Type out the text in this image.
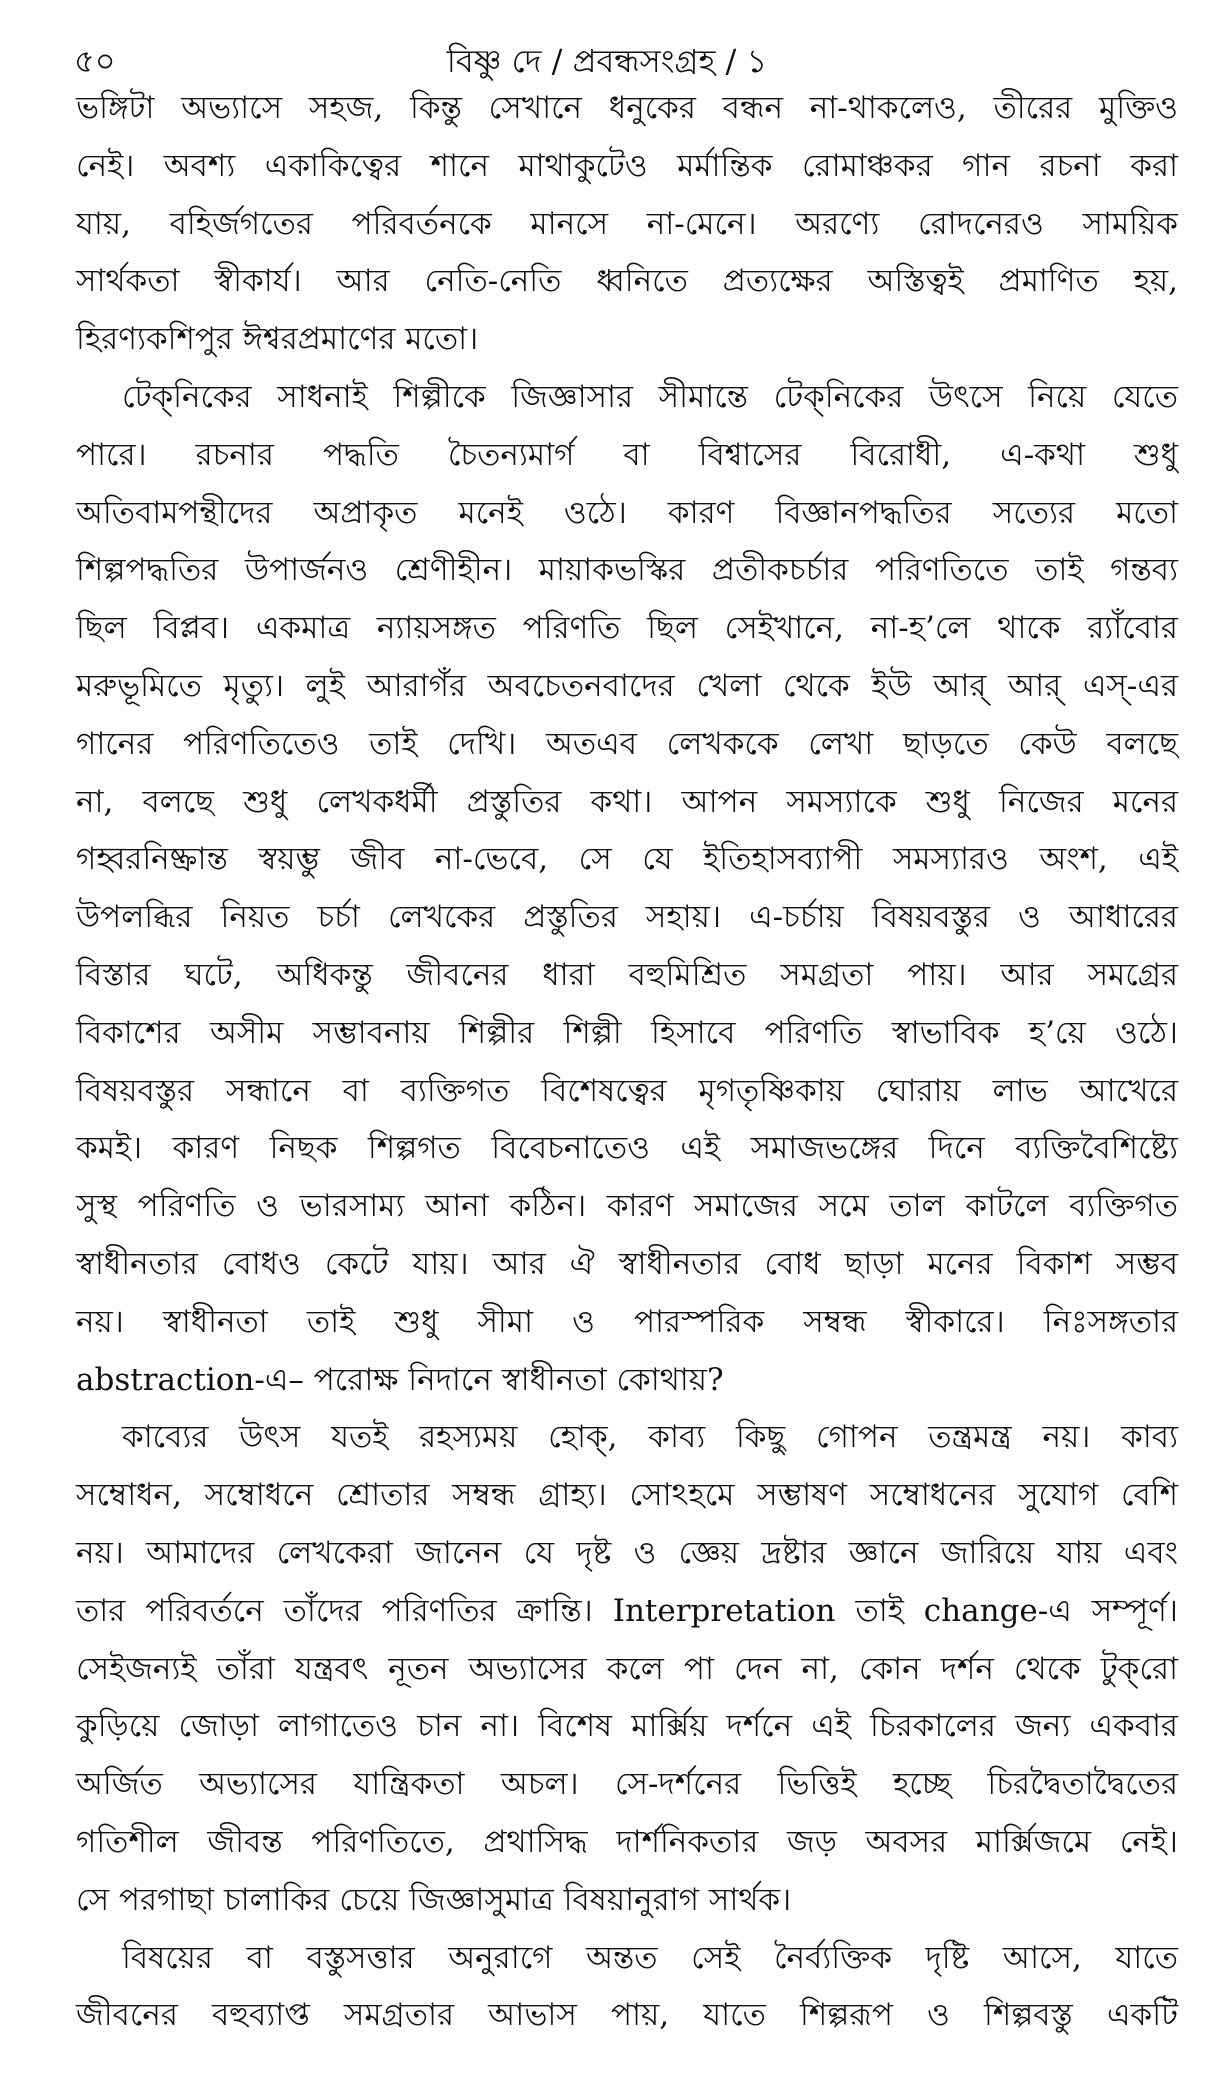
৫০	বিষ্ণু দে / প্রবন্ধসংগ্রহ / ১
ভঙ্গিটা অভ্যাসে সহজ, কিন্তু সেখানে ধনুকের বন্ধন না-থাকলেও, তীরের মুক্তিও
নেই। অবশ্য একাকিত্বের শানে মাথাকুটেও মর্মান্তিক রোমাঞ্চকর গান রচনা করা
যায়, বহির্জগতের পরিবর্তনকে মানসে না-মেনে। অরণ্যে রোদনেরও সাময়িক
সার্থকতা স্বীকার্য। আর নেতি-নেতি ধ্বনিতে প্রত্যক্ষের অস্তিত্বই প্রমাণিত হয়,
হিরণ্যকশিপুর ঈশ্বরপ্রমাণের মতো।
টেক্‌নিকের সাধনাই শিল্পীকে জিজ্ঞাসার সীমান্তে টেক্‌নিকের উৎসে নিয়ে যেতে
পারে। রচনার পদ্ধতি চৈতন্যমার্গ বা বিশ্বাসের বিরোধী, এ-কথা শুধু
অতিবামপন্থীদের অপ্রাকৃত মনেই ওঠে। কারণ বিজ্ঞানপদ্ধতির সত্যের মতো
শিল্পপদ্ধতির উপার্জনও শ্রেণীহীন। মায়াকভস্কির প্রতীকচর্চার পরিণতিতে তাই গন্তব্য
ছিল বিপ্লব। একমাত্র ন্যায়সঙ্গত পরিণতি ছিল সেইখানে, না-হ’লে থাকে র‍্যাঁবোর
মরুভূমিতে মৃত্যু। লুই আরাগঁর অবচেতনবাদের খেলা থেকে ইউ আর্ আর্ এস্-এর
গানের পরিণতিতেও তাই দেখি। অতএব লেখককে লেখা ছাড়তে কেউ বলছে
না, বলছে শুধু লেখকধর্মী প্রস্তুতির কথা। আপন সমস্যাকে শুধু নিজের মনের
গহ্বরনিষ্ক্রান্ত স্বয়ম্ভু জীব না-ভেবে, সে যে ইতিহাসব্যাপী সমস্যারও অংশ, এই
উপলব্ধির নিয়ত চর্চা লেখকের প্রস্তুতির সহায়। এ-চর্চায় বিষয়বস্তুর ও আধারের
বিস্তার ঘটে, অধিকন্তু জীবনের ধারা বহুমিশ্রিত সমগ্রতা পায়। আর সমগ্রের
বিকাশের অসীম সম্ভাবনায় শিল্পীর শিল্পী হিসাবে পরিণতি স্বাভাবিক হ’য়ে ওঠে।
বিষয়বস্তুর সন্ধানে বা ব্যক্তিগত বিশেষত্বের মৃগতৃষ্ণিকায় ঘোরায় লাভ আখেরে
কমই। কারণ নিছক শিল্পগত বিবেচনাতেও এই সমাজভঙ্গের দিনে ব্যক্তিবৈশিষ্ট্যে
সুস্থ পরিণতি ও ভারসাম্য আনা কঠিন। কারণ সমাজের সমে তাল কাটলে ব্যক্তিগত
স্বাধীনতার বোধও কেটে যায়। আর ঐ স্বাধীনতার বোধ ছাড়া মনের বিকাশ সম্ভব
নয়। স্বাধীনতা তাই শুধু সীমা ও পারস্পরিক সম্বন্ধ স্বীকারে। নিঃসঙ্গতার
abstraction-এ– পরোক্ষ নিদানে স্বাধীনতা কোথায়?
কাব্যের উৎস যতই রহস্যময় হোক্, কাব্য কিছু গোপন তন্ত্রমন্ত্র নয়। কাব্য
সম্বোধন, সম্বোধনে শ্রোতার সম্বন্ধ গ্রাহ্য। সোঽহমে সম্ভাষণ সম্বোধনের সুযোগ বেশি
নয়। আমাদের লেখকেরা জানেন যে দৃষ্ট ও জ্ঞেয় দ্রষ্টার জ্ঞানে জারিয়ে যায় এবং
তার পরিবর্তনে তাঁদের পরিণতির ক্রান্তি। Interpretation তাই change-এ সম্পূর্ণ।
সেইজন্যই তাঁরা যন্ত্রবৎ নূতন অভ্যাসের কলে পা দেন না, কোন দর্শন থেকে টুক্‌রো
কুড়িয়ে জোড়া লাগাতেও চান না। বিশেষ মার্ক্সিয় দর্শনে এই চিরকালের জন্য একবার
অর্জিত অভ্যাসের যান্ত্রিকতা অচল। সে-দর্শনের ভিত্তিই হচ্ছে চিরদ্বৈতাদ্বৈতের
গতিশীল জীবন্ত পরিণতিতে, প্রথাসিদ্ধ দার্শনিকতার জড় অবসর মার্ক্সিজমে নেই।
সে পরগাছা চালাকির চেয়ে জিজ্ঞাসুমাত্র বিষয়ানুরাগ সার্থক।
বিষয়ের বা বস্তুসত্তার অনুরাগে অন্তত সেই নৈর্ব্যক্তিক দৃষ্টি আসে, যাতে
জীবনের বহুব্যাপ্ত সমগ্রতার আভাস পায়, যাতে শিল্পরূপ ও শিল্পবস্তু একটি
